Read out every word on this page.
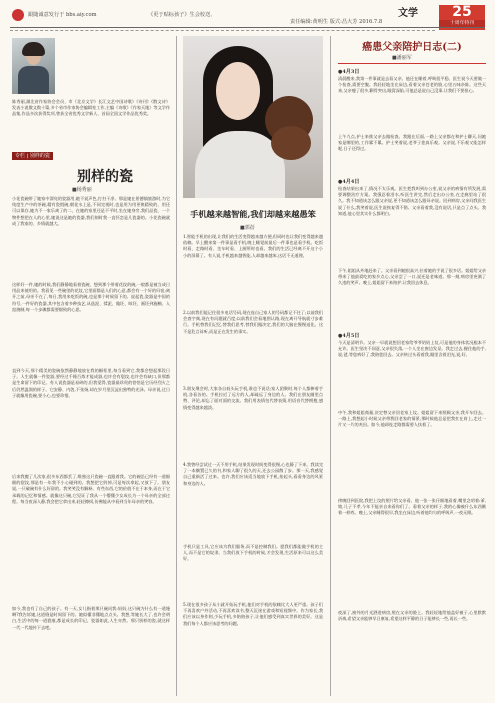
跟随诚意发行于 bbs.aiy.com	《更于贴标孩子》生会校送、
责任编辑:黄明生 版式:昌大芳 2016.7.8
文学	25
十周年特刊
陈秀丽,湖北省作家协会会员、市《北京文学》长江文艺中国诗歌》《诗刊》《散文诗》发表小说散文数十篇,多个省市作家协会编辑室工作,主编《诗歌》《作家天地》等文学作品集,作品多次获得奖项,曾获全省优秀文学新人、首届全国文学作品优秀奖。
专栏 | 别样的瓷
别样的瓷
■杨秀丽
小花瓷碗带了她家中漂亮的瓷器用,她不说声色,打扫干净。那是她在景德镇旅游时,为它纯度生产中的茶碗,精有瓷假碗,朝花水上是,不同完视时,也是用为用更换精致的、用还可以保存,她为不一家乐离了的二、在她的家里还是不平时,坐在她身旁,我们品瓷、一个物件想把在人的心里,她说这是她的瓷器,我们刻时我一直怀恋是几瓷器的。小花瓷碗就成了我家的、乡情就越大。
这样好一件,她的时候,我们静静地看着瓷碗、想到那个带着花纹的碗,一般都是被当成日用品来使用的。我看见一些碗里的花纹,它里面都是人们的心意,都会有一个好的归宿;离开之前,母亲不在了,每日,我用来吃饭的碗,也是那个时候留下的。说起瓷,瓷器是中国的符号,一件好的瓷器,其中包含着多种技艺,从选泥、揉泥、做坯、晾坯、画坯到施釉、入窑烧制,每一个步骤都需要细致的心思。
直到今天,那个精美的瓷碗依然静静地放在我的橱柜里,每当看到它,我都会想起那段日子。人生就像一件瓷器,要经过千锤百炼才能成器,也许会有裂纹,也许会有缺口,但那都是生命留下的印记。有人说瓷器是易碎的,但我觉得,瓷器最珍贵的恰恰是它历经烈火之后仍然温润的样子。它安静、内敛,不张扬,却在岁月里沉淀出独特的光泽。母亲说,过日子就像用瓷碗,要小心,也要珍惜。
后来我搬了几次家,很多东西都丢了,唯独这只瓷碗一直跟着我。它的碗沿已经有一道细细的裂纹,那是有一年我不小心碰到的。我想把它扔掉,可是每次拿起,又放下了。朋友说,一只破碗有什么好留的。我笑笑没有解释。有些东西,它的价值不在于本身,而在于它承载的记忆和情感。就像这只碗,它见证了我从一个懵懂少女成长为一个母亲的全部过程。每当夜深人静,我会把它拿出来,轻轻擦拭,仿佛能从中看到当年母亲的笑容。
如今,我也有了自己的孩子。有一天,女儿指着那只碗问我:妈妈,这只碗为什么有一道缝啊?我告诉她,这道缝是时间留下的。她似懂非懂地点点头。我想,等她长大了,也许会明白,生活中的每一道裂痕,都是成长的印记。瓷器如此,人生亦然。那只别样的瓷,就这样一代一代地传下去吧。
手机越来越智能,我们却越来越愚笨
■郭蓓
1.智能手机的出现,让我们的生活变得越来越方便,但同时也让我们变得越来越依赖。早上醒来第一件事是看手机,晚上睡觉前最后一件事也是看手机。吃饭时看、走路时看、坐车时看、上厕所时也看。我们的生活已经离不开这个小小的屏幕了。有人说,手机越来越智能,人却越来越笨,这话不无道理。
2.以前我们能记住很多电话号码,现在连自己家人的号码都记不住了;以前我们会查字典,现在有问题就百度;以前我们会看地图认路,现在离开导航就寸步难行。手机替我们记忆,替我们思考,替我们做决定,我们的大脑在慢慢退化。这不是危言耸听,而是正在发生的事实。
3.朋友聚会时,大家各自低头玩手机,谁也不说话;家人团聚时,每个人都捧着手机,各看各的。手机拉近了远方的人,却疏远了身边的人。我们在朋友圈里点赞、评论,却忘了面对面的交流。我们用表情包代替表情,用语音代替拥抱,感情变得越来越淡。
4.我曾经尝试过一天不用手机,结果发现时间变得很慢,心也静了下来。我读完了一本搁置已久的书,和家人聊了很久的天,还去公园散了步。那一天,我感觉自己重新活了过来。也许,我们应该适当地放下手机,抬起头,看看身边的风景和身边的人。
手机只是工具,它应该为我们服务,而不是控制我们。愿我们都能做手机的主人,而不是它的奴隶。当我们放下手机的时候,才会发现,生活原来可以这么美好。
5.现在很多孩子从小就开始玩手机,他们对手机的依赖比大人更严重。孩子们不再喜欢户外活动,不再喜欢读书,整天沉迷在游戏和短视频中。作为家长,我们应该以身作则,少玩手机,多陪陪孩子,让他们感受到真实世界的美好。这是我们每个人都应该思考的问题。
癌患父亲陪护日志(二)
■潘丽军
●4月3日
清晨醒来,我第一件事就是去看父亲。他还在睡着,呼吸很平稳。医生说今天要做一个检查,需要空腹。我轻轻地坐在床边,看着父亲苍老的脸,心里五味杂陈。这些天来,父亲瘦了很多,颧骨突出,眼窝深陷,可他总是说自己没事,让我们不要担心。
上午九点,护士来推父亲去做检查。我跟在后面,一路上父亲都在和护士聊天,问她家是哪里的,工作累不累。护士笑着说,老爷子您真乐观。父亲说,不乐观又能怎样呢,日子还得过。
●4月4日
检查结果出来了,情况不太乐观。医生把我叫到办公室,说父亲的病情有所发展,需要调整治疗方案。我强忍着泪水,听医生讲完,然后走出办公室,在走廊里站了很久。我不知道该怎么跟父亲说,更不知道该怎么跟母亲说。回到病房,父亲问我医生说了什么,我笑着说,医生说恢复得不错。父亲看着我,没有说话,只是点了点头。我知道,他心里其实什么都明白。
下午,姐姐从外地赶来了。父亲看到她很高兴,拉着她的手说了很多话。姐姐给父亲带来了他最爱吃的家乡点心,父亲尝了一口,说还是老味道。那一刻,病房里充满了久违的笑声。晚上,姐姐留下来陪护,让我回去休息。
●4月5日
今天是清明节。父亲一早就说想回老家给爷爷奶奶上坟,可是他的身体状况根本不允许。医生坚决不同意,父亲很失落,一个人坐在窗边发呆。我走过去,握住他的手,说,爸,等您病好了,我陪您回去。父亲转过头看着我,眼里含着泪光,说,好。
中午,我和姐姐商量,决定替父亲回老家上坟。姐姐留下来照顾父亲,我开车回去。一路上,我想起小时候父亲带我回老家的情景,那时候他总是把我扛在肩上,走过一片又一片的麦田。如今,他却连走路都需要人扶着了。
傍晚回到医院,我把上坟的照片给父亲看。他一张一张仔细地看着,嘴里念叨着:爹,娘,儿子不孝,今年不能亲自来看你们了。看着父亲的样子,我的心像被什么东西揪着一样疼。晚上,父亲睡得很早,我坐在床边,听着他均匀的呼吸声,一夜无眠。
夜深了,窗外的月光洒进病房,照在父亲的脸上。我轻轻地给他盖好被子,心里默默祈祷,希望父亲能够早日康复,希望这样平静的日子能够长一些,再长一些。
